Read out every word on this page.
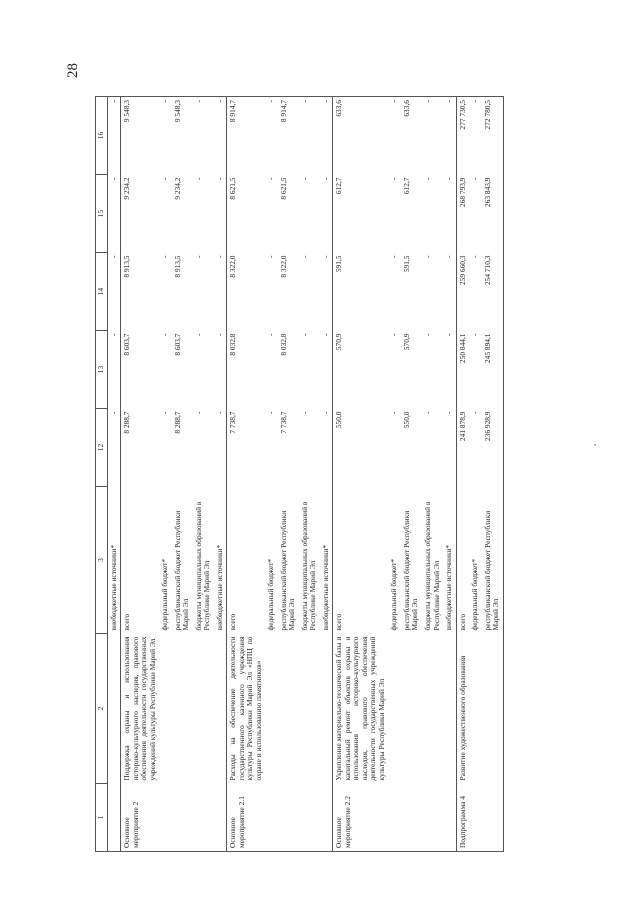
28
1	2	3	12	13	14	15	16
		внебюджетные источники*	-	-	-	-	-
Основное мероприятие 2	Поддержка охраны и использования историко-культурного наследия, правового обеспечения деятельности государственных учреждений культуры Республики Марий Эл	всего	8 288,7	8 603,7	8 913,5	9 234,2	9 548,3
		федеральный бюджет*	-	-	-	-	-
		республиканский бюджет Республики Марий Эл	8 288,7	8 603,7	8 913,5	9 234,2	9 548,3
		бюджеты муниципальных образований в Республике Марий Эл	-	-	-	-	-
		внебюджетные источники*	-	-	-	-	-
Основное мероприятие 2.1	Расходы на обеспечение деятельности государственного казенного учреждения культуры Республики Марий Эл «НПЦ по охране и использованию памятников»	всего	7 738,7	8 032,8	8 322,0	8 621,5	8 914,7
		федеральный бюджет*	-	-	-	-	-
		республиканский бюджет Республики Марий Эл	7 738,7	8 032,8	8 322,0	8 621,5	8 914,7
		бюджеты муниципальных образований в Республике Марий Эл	-	-	-	-	-
		внебюджетные источники*	-	-	-	-	-
Основное мероприятие 2.2	Укрепление материально-технической базы и капитальный ремонт объектов охраны и использования историко-культурного наследия, правового обеспечения деятельности государственных учреждений культуры Республики Марий Эл	всего	550,0	570,9	591,5	612,7	633,6
		федеральный бюджет*	-	-	-	-	-
		республиканский бюджет Республики Марий Эл	550,0	570,9	591,5	612,7	633,6
		бюджеты муниципальных образований в Республике Марий Эл	-	-	-	-	-
		внебюджетные источники*	-	-	-	-	-
Подпрограмма 4	Развитие художественного образования	всего	241 878,9	250 844,1	259 660,3	268 793,9	277 730,5
		федеральный бюджет*	-	-	-	-	-
		республиканский бюджет Республики Марий Эл	236 928,9	245 894,1	254 710,3	263 843,9	272 780,5
